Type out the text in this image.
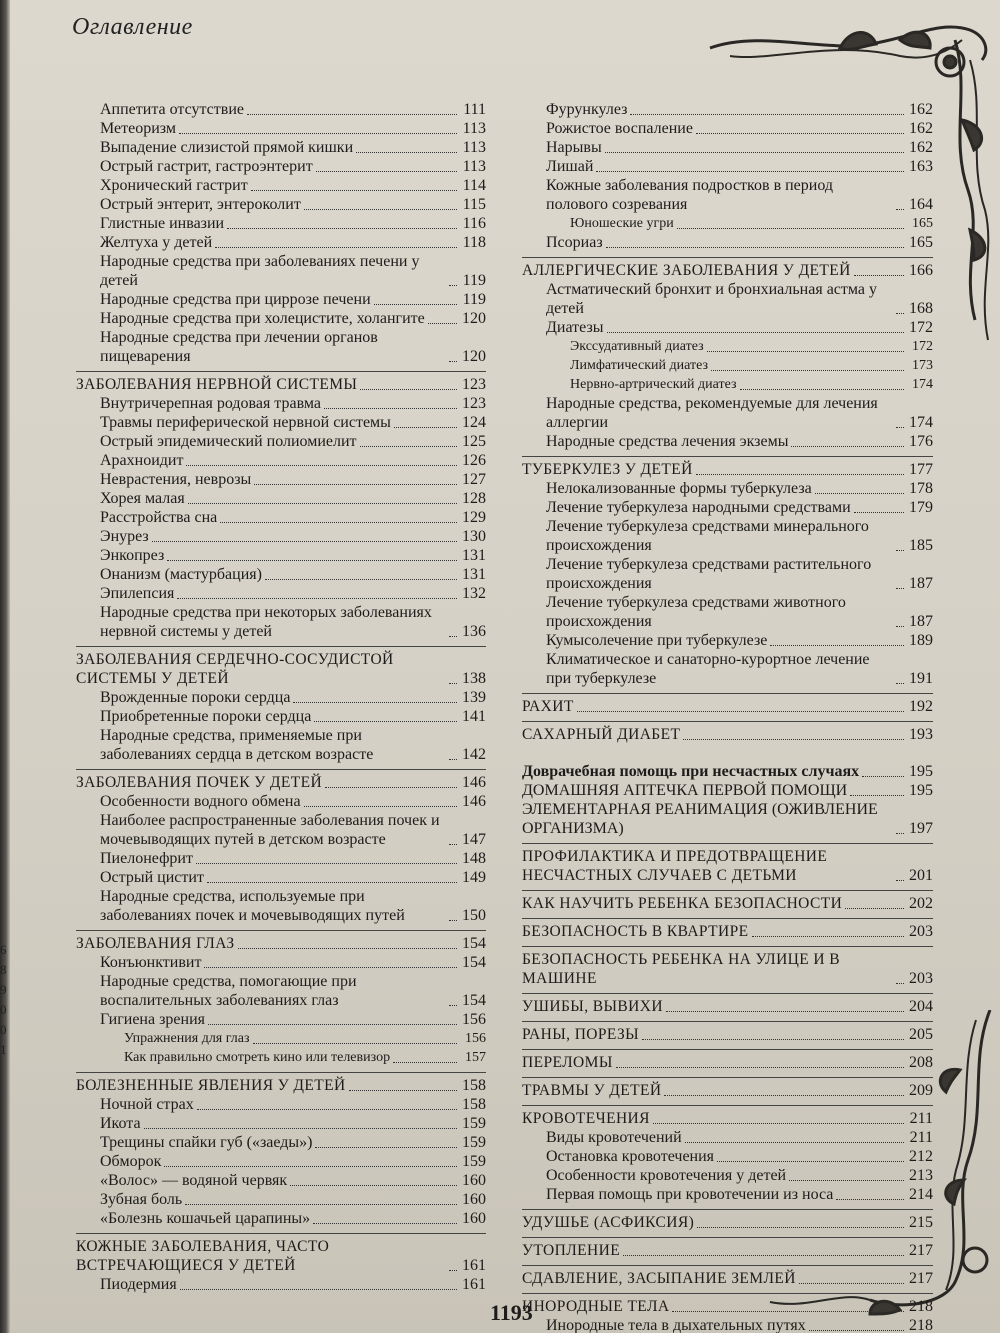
Оглавление
Аппетита отсутствие	111
Метеоризм	113
Выпадение слизистой прямой кишки	113
Острый гастрит, гастроэнтерит	113
Хронический гастрит	114
Острый энтерит, энтероколит	115
Глистные инвазии	116
Желтуха у детей	118
Народные средства при заболеваниях печени у детей	119
Народные средства при циррозе печени	119
Народные средства при холецистите, холангите 120
Народные средства при лечении органов пищеварения	120
ЗАБОЛЕВАНИЯ НЕРВНОЙ СИСТЕМЫ	123
Внутричерепная родовая травма	123
Травмы периферической нервной системы	124
Острый эпидемический полиомиелит	125
Арахноидит	126
Неврастения, неврозы	127
Хорея малая	128
Расстройства сна	129
Энурез	130
Энкопрез	131
Онанизм (мастурбация)	131
Эпилепсия	132
Народные средства при некоторых заболеваниях нервной системы у детей	136
ЗАБОЛЕВАНИЯ СЕРДЕЧНО-СОСУДИСТОЙ СИСТЕМЫ У ДЕТЕЙ	138
Врожденные пороки сердца	139
Приобретенные пороки сердца	141
Народные средства, применяемые при заболеваниях сердца в детском возрасте	142
ЗАБОЛЕВАНИЯ ПОЧЕК У ДЕТЕЙ	146
Особенности водного обмена	146
Наиболее распространенные заболевания почек и мочевыводящих путей в детском возрасте	147
Пиелонефрит	148
Острый цистит	149
Народные средства, используемые при заболеваниях почек и мочевыводящих путей	150
ЗАБОЛЕВАНИЯ ГЛАЗ	154
Конъюнктивит	154
Народные средства, помогающие при воспалительных заболеваниях глаз	154
Гигиена зрения	156
Упражнения для глаз	156
Как правильно смотреть кино или телевизор	157
БОЛЕЗНЕННЫЕ ЯВЛЕНИЯ У ДЕТЕЙ	158
Ночной страх	158
Икота	159
Трещины спайки губ («заеды»)	159
Обморок	159
«Волос» — водяной червяк	160
Зубная боль	160
«Болезнь кошачьей царапины»	160
КОЖНЫЕ ЗАБОЛЕВАНИЯ, ЧАСТО ВСТРЕЧАЮЩИЕСЯ У ДЕТЕЙ	161
Пиодермия	161
Фурункулез	162
Рожистое воспаление	162
Нарывы	162
Лишай	163
Кожные заболевания подростков в период полового созревания	164
Юношеские угри	165
Псориаз	165
АЛЛЕРГИЧЕСКИЕ ЗАБОЛЕВАНИЯ У ДЕТЕЙ	166
Астматический бронхит и бронхиальная астма у детей	168
Диатезы	172
Экссудативный диатез	172
Лимфатический диатез	173
Нервно-артрический диатез	174
Народные средства, рекомендуемые для лечения аллергии	174
Народные средства лечения экземы	176
ТУБЕРКУЛЕЗ У ДЕТЕЙ	177
Нелокализованные формы туберкулеза	178
Лечение туберкулеза народными средствами	179
Лечение туберкулеза средствами минерального происхождения	185
Лечение туберкулеза средствами растительного происхождения	187
Лечение туберкулеза средствами животного происхождения	187
Кумысолечение при туберкулезе	189
Климатическое и санаторно-курортное лечение при туберкулезе	191
РАХИТ	192
САХАРНЫЙ ДИАБЕТ	193
Доврачебная помощь при несчастных случаях	195
ДОМАШНЯЯ АПТЕЧКА ПЕРВОЙ ПОМОЩИ	195
ЭЛЕМЕНТАРНАЯ РЕАНИМАЦИЯ (ОЖИВЛЕНИЕ ОРГАНИЗМА)	197
ПРОФИЛАКТИКА И ПРЕДОТВРАЩЕНИЕ НЕСЧАСТНЫХ СЛУЧАЕВ С ДЕТЬМИ	201
КАК НАУЧИТЬ РЕБЕНКА БЕЗОПАСНОСТИ	202
БЕЗОПАСНОСТЬ В КВАРТИРЕ	203
БЕЗОПАСНОСТЬ РЕБЕНКА НА УЛИЦЕ И В МАШИНЕ	203
УШИБЫ, ВЫВИХИ	204
РАНЫ, ПОРЕЗЫ	205
ПЕРЕЛОМЫ	208
ТРАВМЫ У ДЕТЕЙ	209
КРОВОТЕЧЕНИЯ	211
Виды кровотечений	211
Остановка кровотечения	212
Особенности кровотечения у детей	213
Первая помощь при кровотечении из носа	214
УДУШЬЕ (АСФИКСИЯ)	215
УТОПЛЕНИЕ	217
СДАВЛЕНИЕ, ЗАСЫПАНИЕ ЗЕМЛЕЙ	217
ИНОРОДНЫЕ ТЕЛА	218
Инородные тела в дыхательных путях	218
6
8
9
0
0
1
1193
